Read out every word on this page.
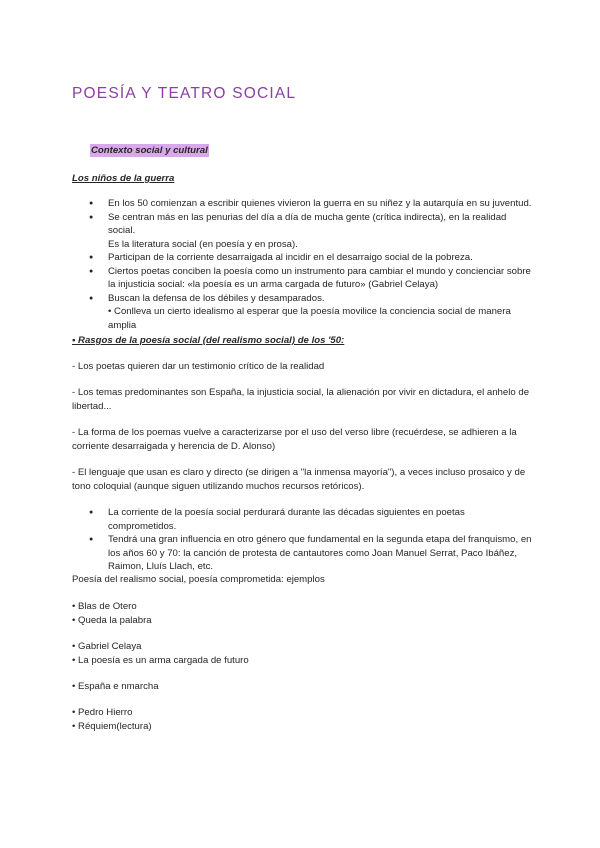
POESÍA Y TEATRO SOCIAL
Contexto social y cultural
Los niños de la guerra
● En los 50 comienzan a escribir quienes vivieron la guerra en su niñez y la autarquía en su juventud.
● Se centran más en las penurias del día a día de mucha gente (crítica indirecta), en la realidad social.
Es la literatura social (en poesía y en prosa).
● Participan de la corriente desarraigada al incidir en el desarraigo social de la pobreza.
● Ciertos poetas conciben la poesía como un instrumento para cambiar el mundo y concienciar sobre
la injusticia social: «la poesía es un arma cargada de futuro» (Gabriel Celaya)
● Buscan la defensa de los débiles y desamparados.
• Conlleva un cierto idealismo al esperar que la poesía movilice la conciencia social de manera
amplia
• Rasgos de la poesía social (del realismo social) de los '50:
- Los poetas quieren dar un testimonio crítico de la realidad
- Los temas predominantes son España, la injusticia social, la alienación por vivir en dictadura, el anhelo de
libertad...
- La forma de los poemas vuelve a caracterizarse por el uso del verso libre (recuérdese, se adhieren a la
corriente desarraigada y herencia de D. Alonso)
- El lenguaje que usan es claro y directo (se dirigen a "la inmensa mayoría"), a veces incluso prosaico y de
tono coloquial (aunque siguen utilizando muchos recursos retóricos).
● La corriente de la poesía social perdurará durante las décadas siguientes en poetas comprometidos.
● Tendrá una gran influencia en otro género que fundamental en la segunda etapa del franquismo, en
los años 60 y 70: la canción de protesta de cantautores como Joan Manuel Serrat, Paco Ibáñez,
Raimon, Lluís Llach, etc.
Poesía del realismo social, poesía comprometida: ejemplos
• Blas de Otero
• Queda la palabra
• Gabriel Celaya
• La poesía es un arma cargada de futuro
• España e nmarcha
• Pedro Hierro
• Réquiem(lectura)
